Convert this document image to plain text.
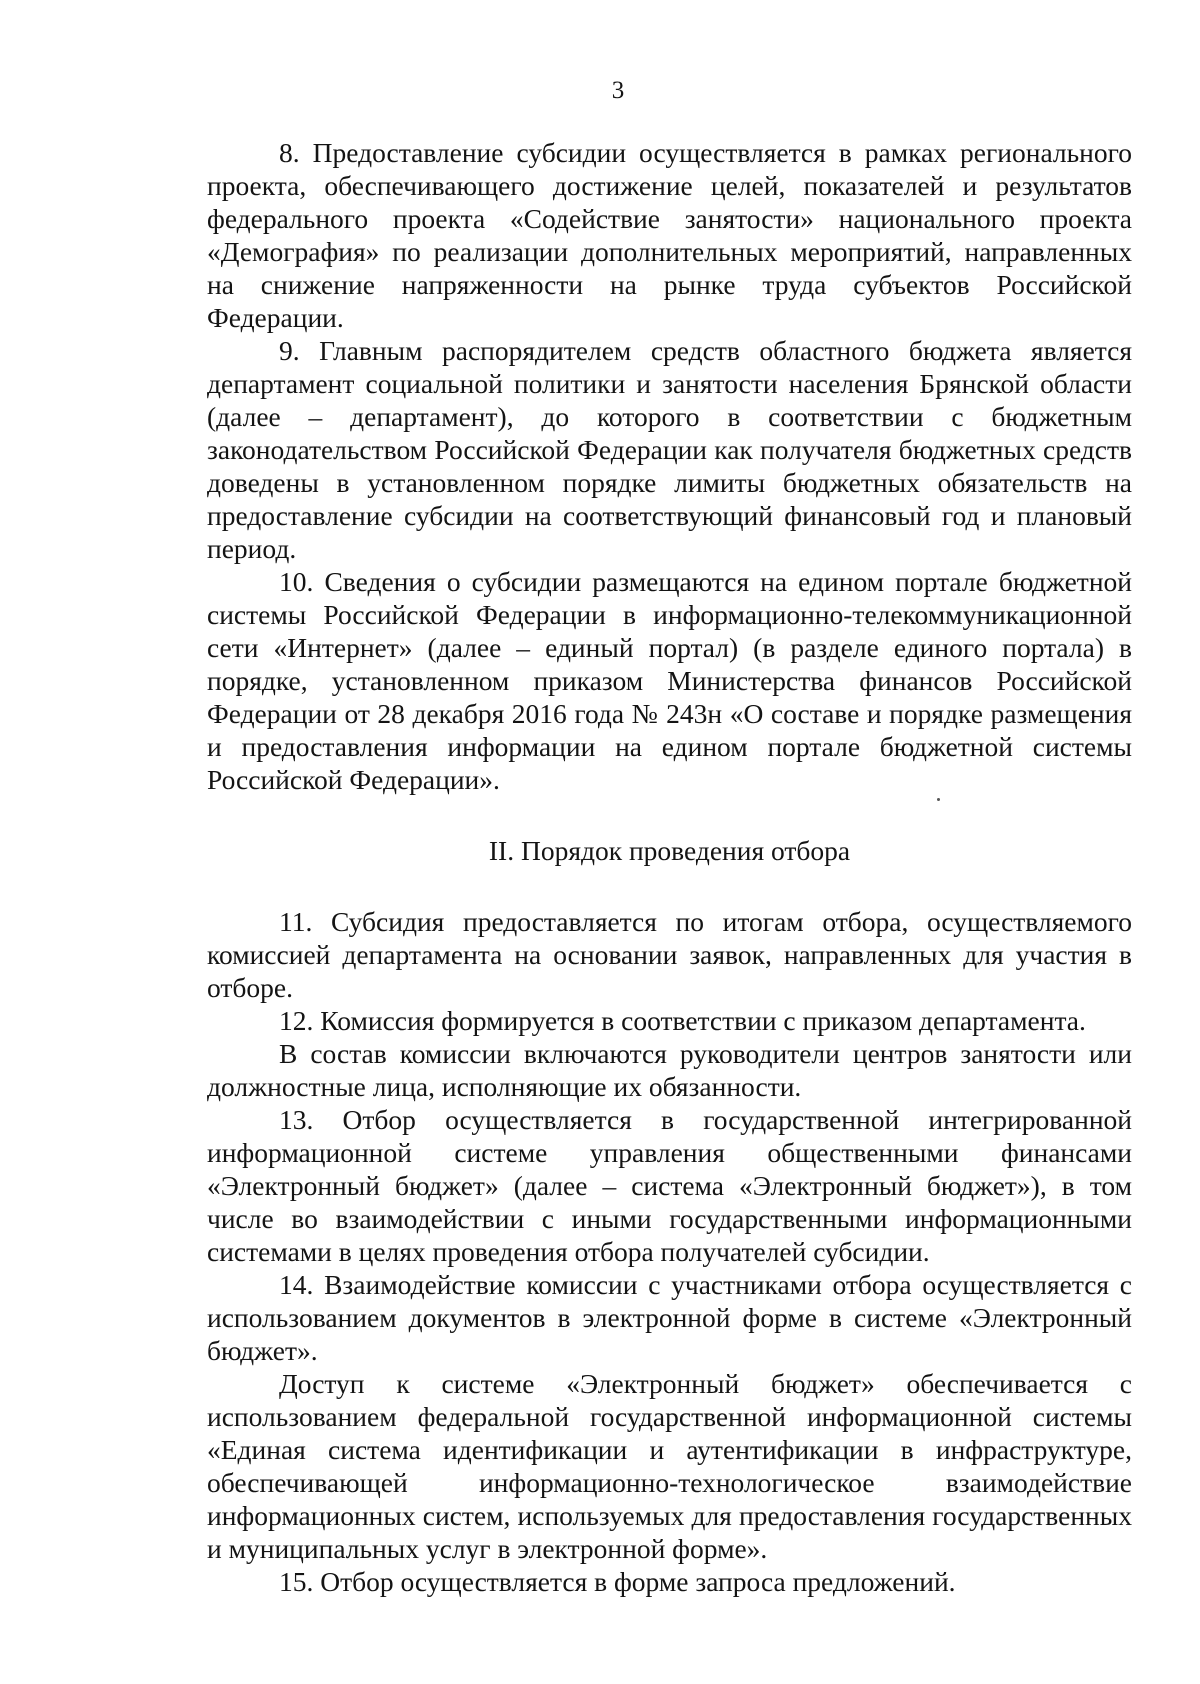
3

8. Предоставление субсидии осуществляется в рамках регионального проекта, обеспечивающего достижение целей, показателей и результатов федерального проекта «Содействие занятости» национального проекта «Демография» по реализации дополнительных мероприятий, направленных на снижение напряженности на рынке труда субъектов Российской Федерации.

9. Главным распорядителем средств областного бюджета является департамент социальной политики и занятости населения Брянской области (далее – департамент), до которого в соответствии с бюджетным законодательством Российской Федерации как получателя бюджетных средств доведены в установленном порядке лимиты бюджетных обязательств на предоставление субсидии на соответствующий финансовый год и плановый период.

10. Сведения о субсидии размещаются на едином портале бюджетной системы Российской Федерации в информационно-телекоммуникационной сети «Интернет» (далее – единый портал) (в разделе единого портала) в порядке, установленном приказом Министерства финансов Российской Федерации от 28 декабря 2016 года № 243н «О составе и порядке размещения и предоставления информации на едином портале бюджетной системы Российской Федерации».

II. Порядок проведения отбора

11. Субсидия предоставляется по итогам отбора, осуществляемого комиссией департамента на основании заявок, направленных для участия в отборе.

12. Комиссия формируется в соответствии с приказом департамента.

В состав комиссии включаются руководители центров занятости или должностные лица, исполняющие их обязанности.

13. Отбор осуществляется в государственной интегрированной информационной системе управления общественными финансами «Электронный бюджет» (далее – система «Электронный бюджет»), в том числе во взаимодействии с иными государственными информационными системами в целях проведения отбора получателей субсидии.

14. Взаимодействие комиссии с участниками отбора осуществляется с использованием документов в электронной форме в системе «Электронный бюджет».

Доступ к системе «Электронный бюджет» обеспечивается с использованием федеральной государственной информационной системы «Единая система идентификации и аутентификации в инфраструктуре, обеспечивающей информационно-технологическое взаимодействие информационных систем, используемых для предоставления государственных и муниципальных услуг в электронной форме».

15. Отбор осуществляется в форме запроса предложений.
